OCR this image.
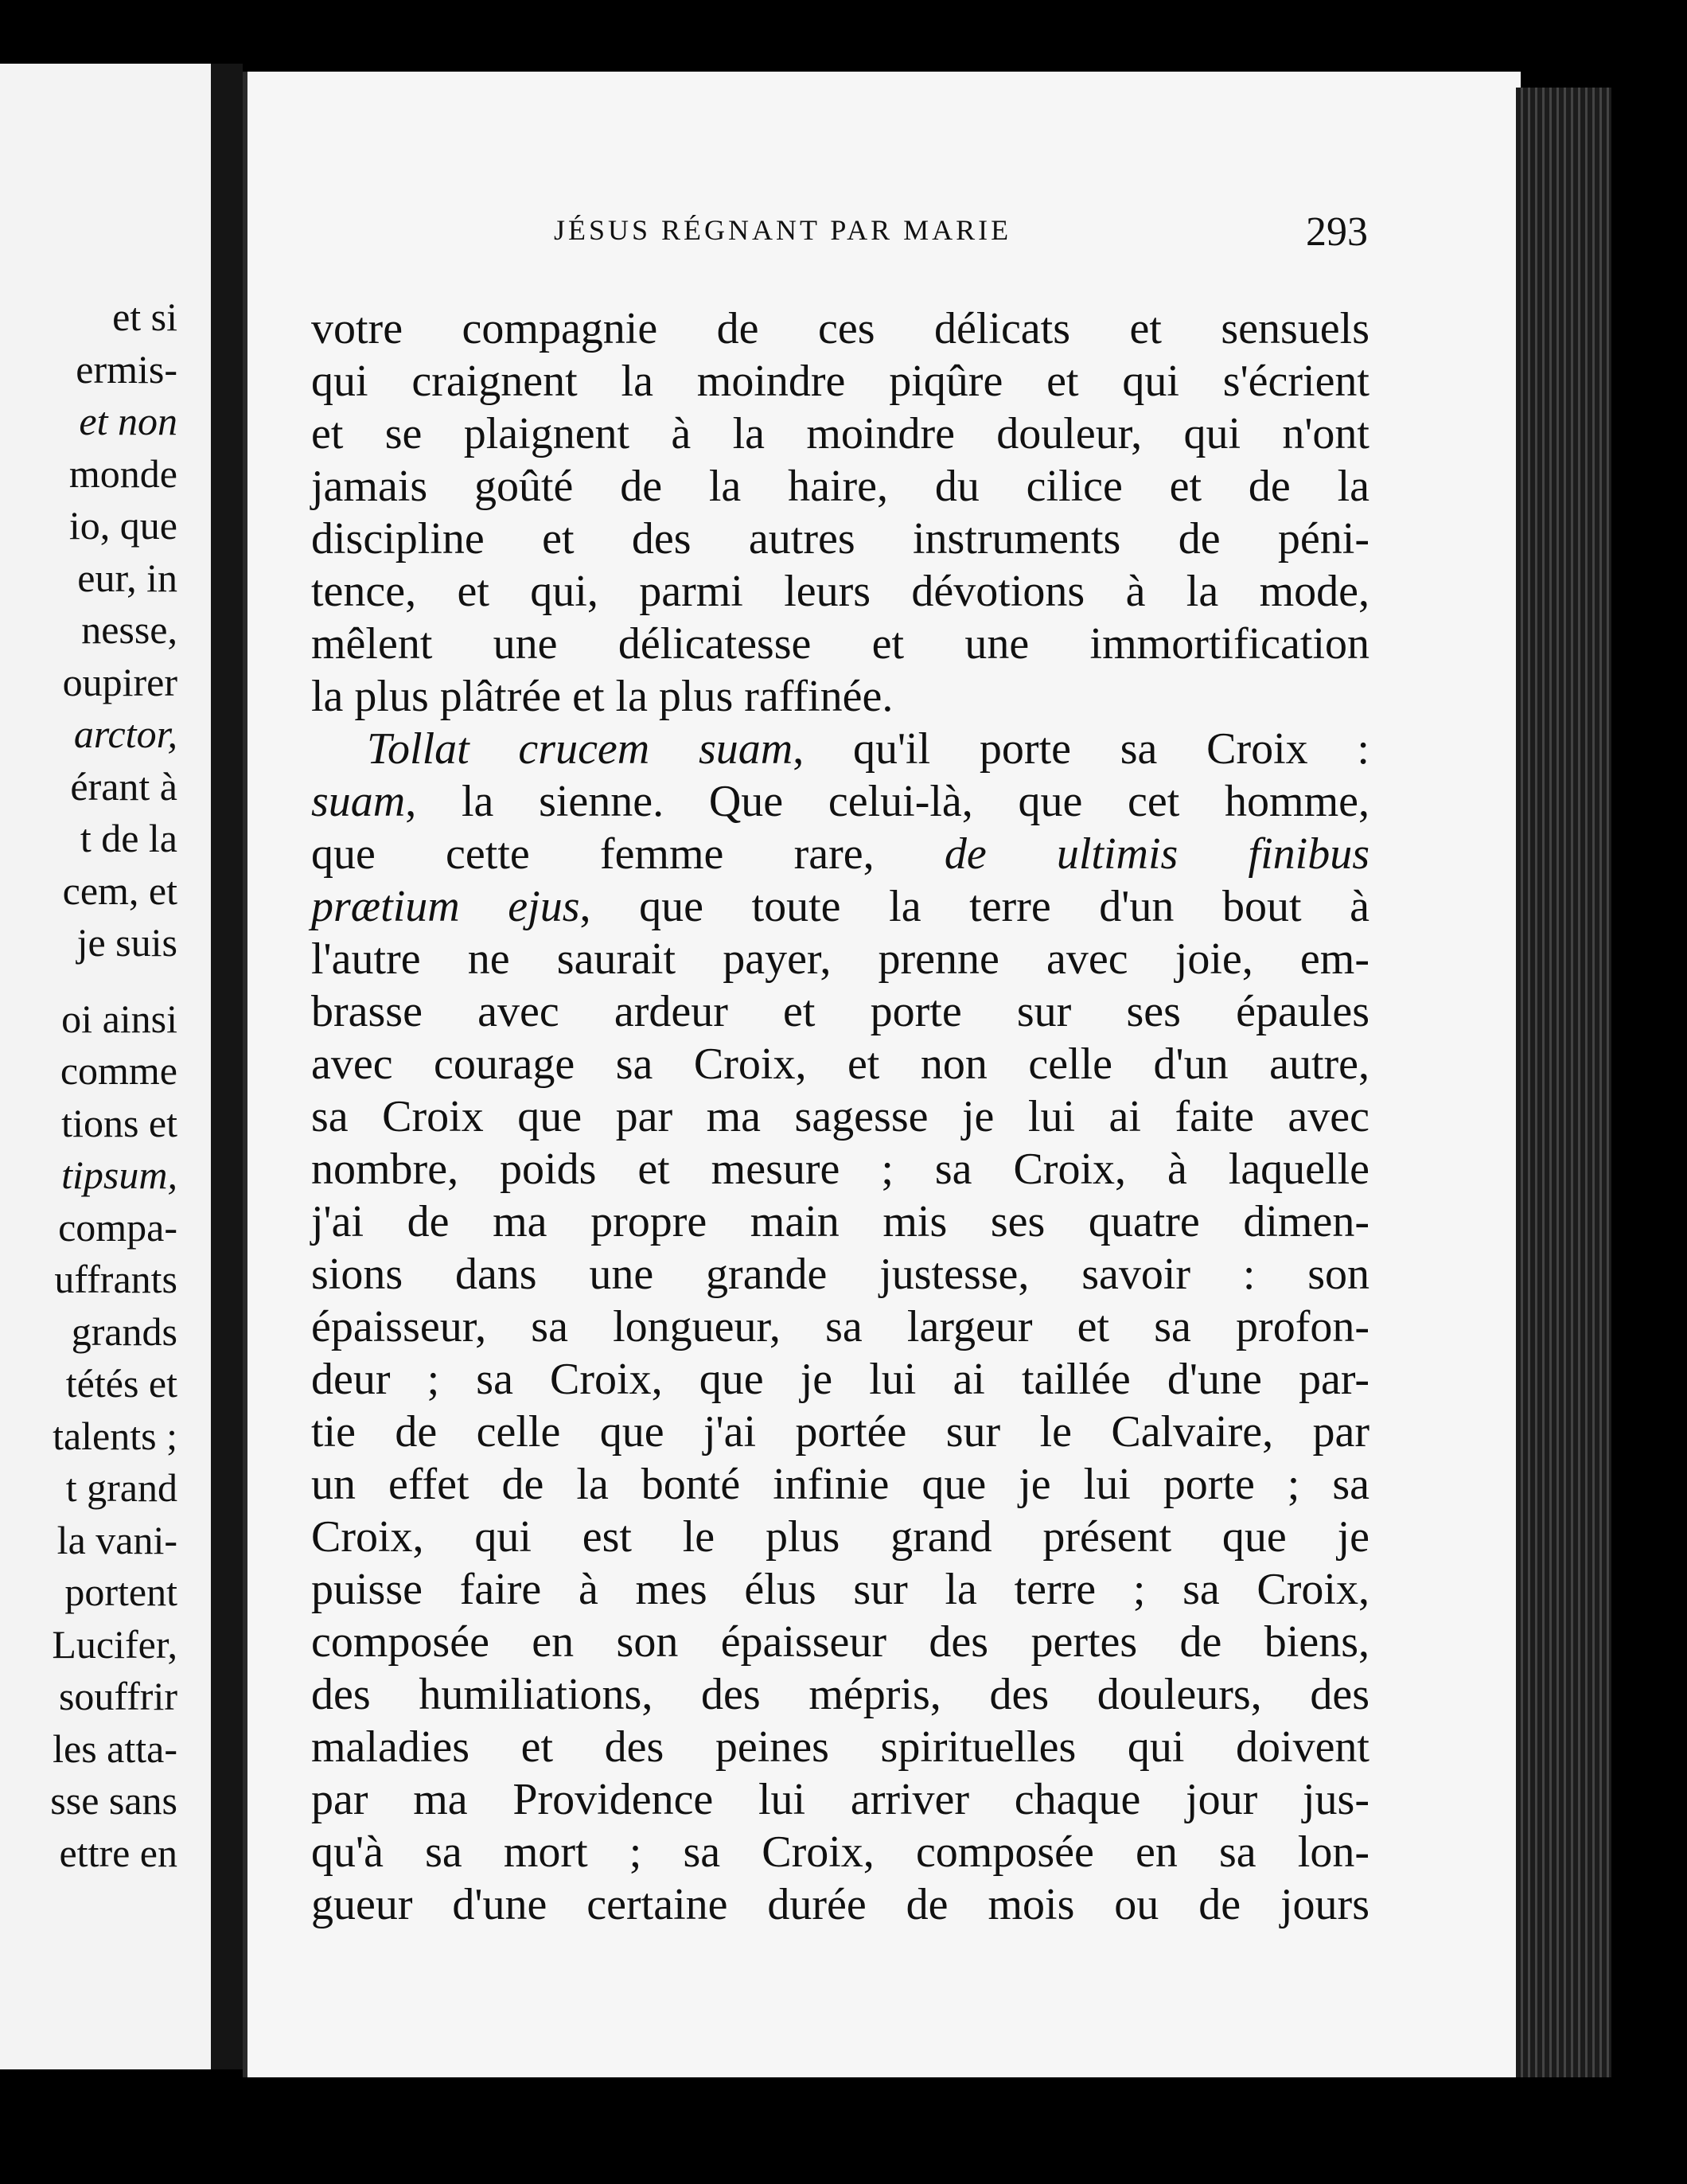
et si
ermis-
et non
monde
io, que
eur, in
nesse,
oupirer
arctor,
érant à
t de la
cem, et
je suis
oi ainsi
comme
tions et
tipsum,
compa-
uffrants
grands
tétés et
talents ;
t grand
la vani-
portent
Lucifer,
souffrir
les atta-
sse sans
ettre en
JÉSUS RÉGNANT PAR MARIE	293
votre compagnie de ces délicats et sensuels
qui craignent la moindre piqûre et qui s'écrient
et se plaignent à la moindre douleur, qui n'ont
jamais goûté de la haire, du cilice et de la
discipline et des autres instruments de péni-
tence, et qui, parmi leurs dévotions à la mode,
mêlent une délicatesse et une immortification
la plus plâtrée et la plus raffinée.
Tollat crucem suam, qu'il porte sa Croix :
suam, la sienne. Que celui-là, que cet homme,
que cette femme rare, de ultimis finibus
prætium ejus, que toute la terre d'un bout à
l'autre ne saurait payer, prenne avec joie, em-
brasse avec ardeur et porte sur ses épaules
avec courage sa Croix, et non celle d'un autre,
sa Croix que par ma sagesse je lui ai faite avec
nombre, poids et mesure ; sa Croix, à laquelle
j'ai de ma propre main mis ses quatre dimen-
sions dans une grande justesse, savoir : son
épaisseur, sa longueur, sa largeur et sa profon-
deur ; sa Croix, que je lui ai taillée d'une par-
tie de celle que j'ai portée sur le Calvaire, par
un effet de la bonté infinie que je lui porte ; sa
Croix, qui est le plus grand présent que je
puisse faire à mes élus sur la terre ; sa Croix,
composée en son épaisseur des pertes de biens,
des humiliations, des mépris, des douleurs, des
maladies et des peines spirituelles qui doivent
par ma Providence lui arriver chaque jour jus-
qu'à sa mort ; sa Croix, composée en sa lon-
gueur d'une certaine durée de mois ou de jours
